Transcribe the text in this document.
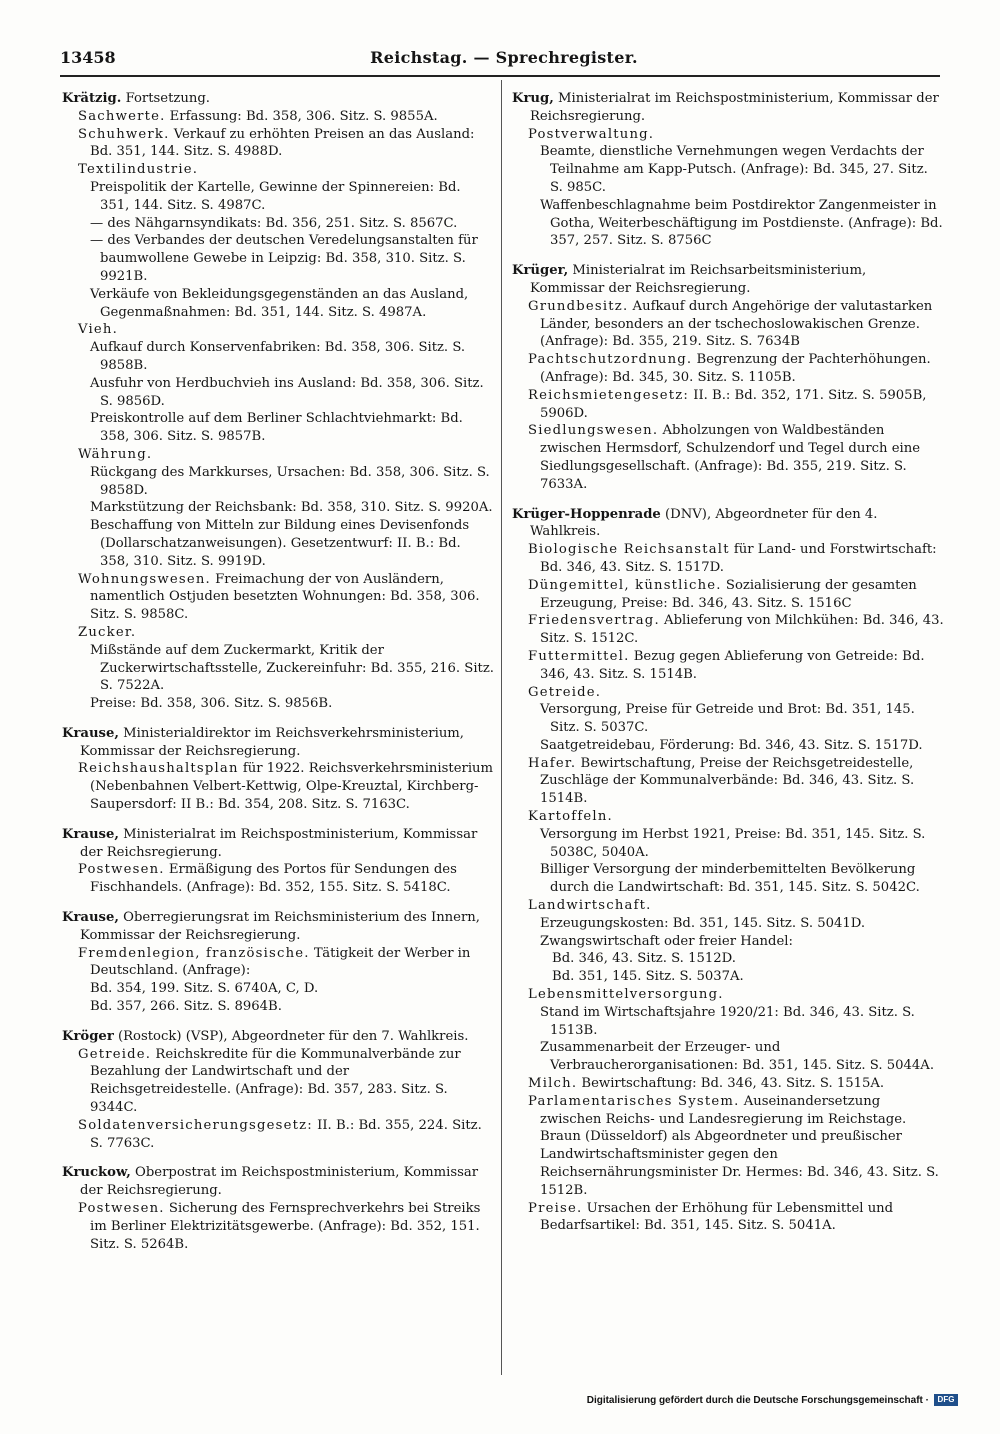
13458	Reichstag. — Sprechregister.
Krätzig. Fortsetzung.
Sachwerte. Erfassung: Bd. 358, 306. Sitz. S. 9855A.
Schuhwerk. Verkauf zu erhöhten Preisen an das Ausland: Bd. 351, 144. Sitz. S. 4988D.
Textilindustrie.
Preispolitik der Kartelle, Gewinne der Spinnereien: Bd. 351, 144. Sitz. S. 4987C.
— des Nähgarnsyndikats: Bd. 356, 251. Sitz. S. 8567C.
— des Verbandes der deutschen Veredelungsanstalten für baumwollene Gewebe in Leipzig: Bd. 358, 310. Sitz. S. 9921B.
Verkäufe von Bekleidungsgegenständen an das Ausland, Gegenmaßnahmen: Bd. 351, 144. Sitz. S. 4987A.
Vieh.
Aufkauf durch Konservenfabriken: Bd. 358, 306. Sitz. S. 9858B.
Ausfuhr von Herdbuchvieh ins Ausland: Bd. 358, 306. Sitz. S. 9856D.
Preiskontrolle auf dem Berliner Schlachtviehmarkt: Bd. 358, 306. Sitz. S. 9857B.
Währung.
Rückgang des Markkurses, Ursachen: Bd. 358, 306. Sitz. S. 9858D.
Markstützung der Reichsbank: Bd. 358, 310. Sitz. S. 9920A.
Beschaffung von Mitteln zur Bildung eines Devisenfonds (Dollarschatzanweisungen). Gesetzentwurf: II. B.: Bd. 358, 310. Sitz. S. 9919D.
Wohnungswesen. Freimachung der von Ausländern, namentlich Ostjuden besetzten Wohnungen: Bd. 358, 306. Sitz. S. 9858C.
Zucker.
Mißstände auf dem Zuckermarkt, Kritik der Zuckerwirtschaftsstelle, Zuckereinfuhr: Bd. 355, 216. Sitz. S. 7522A.
Preise: Bd. 358, 306. Sitz. S. 9856B.
Krause, Ministerialdirektor im Reichsverkehrsministerium, Kommissar der Reichsregierung.
Reichshaushaltsplan für 1922. Reichsverkehrsministerium (Nebenbahnen Velbert-Kettwig, Olpe-Kreuztal, Kirchberg-Saupersdorf: II B.: Bd. 354, 208. Sitz. S. 7163C.
Krause, Ministerialrat im Reichspostministerium, Kommissar der Reichsregierung.
Postwesen. Ermäßigung des Portos für Sendungen des Fischhandels. (Anfrage): Bd. 352, 155. Sitz. S. 5418C.
Krause, Oberregierungsrat im Reichsministerium des Innern, Kommissar der Reichsregierung.
Fremdenlegion, französische. Tätigkeit der Werber in Deutschland. (Anfrage):
Bd. 354, 199. Sitz. S. 6740A, C, D.
Bd. 357, 266. Sitz. S. 8964B.
Kröger (Rostock) (VSP), Abgeordneter für den 7. Wahlkreis.
Getreide. Reichskredite für die Kommunalverbände zur Bezahlung der Landwirtschaft und der Reichsgetreidestelle. (Anfrage): Bd. 357, 283. Sitz. S. 9344C.
Soldatenversicherungsgesetz: II. B.: Bd. 355, 224. Sitz. S. 7763C.
Kruckow, Oberpostrat im Reichspostministerium, Kommissar der Reichsregierung.
Postwesen. Sicherung des Fernsprechverkehrs bei Streiks im Berliner Elektrizitätsgewerbe. (Anfrage): Bd. 352, 151. Sitz. S. 5264B.
Krug, Ministerialrat im Reichspostministerium, Kommissar der Reichsregierung.
Postverwaltung.
Beamte, dienstliche Vernehmungen wegen Verdachts der Teilnahme am Kapp-Putsch. (Anfrage): Bd. 345, 27. Sitz. S. 985C.
Waffenbeschlagnahme beim Postdirektor Zangenmeister in Gotha, Weiterbeschäftigung im Postdienste. (Anfrage): Bd. 357, 257. Sitz. S. 8756C
Krüger, Ministerialrat im Reichsarbeitsministerium, Kommissar der Reichsregierung.
Grundbesitz. Aufkauf durch Angehörige der valutastarken Länder, besonders an der tschechoslowakischen Grenze. (Anfrage): Bd. 355, 219. Sitz. S. 7634B
Pachtschutzordnung. Begrenzung der Pachterhöhungen. (Anfrage): Bd. 345, 30. Sitz. S. 1105B.
Reichsmietengesetz: II. B.: Bd. 352, 171. Sitz. S. 5905B, 5906D.
Siedlungswesen. Abholzungen von Waldbeständen zwischen Hermsdorf, Schulzendorf und Tegel durch eine Siedlungsgesellschaft. (Anfrage): Bd. 355, 219. Sitz. S. 7633A.
Krüger-Hoppenrade (DNV), Abgeordneter für den 4. Wahlkreis.
Biologische Reichsanstalt für Land- und Forstwirtschaft: Bd. 346, 43. Sitz. S. 1517D.
Düngemittel, künstliche. Sozialisierung der gesamten Erzeugung, Preise: Bd. 346, 43. Sitz. S. 1516C
Friedensvertrag. Ablieferung von Milchkühen: Bd. 346, 43. Sitz. S. 1512C.
Futtermittel. Bezug gegen Ablieferung von Getreide: Bd. 346, 43. Sitz. S. 1514B.
Getreide.
Versorgung, Preise für Getreide und Brot: Bd. 351, 145. Sitz. S. 5037C.
Saatgetreidebau, Förderung: Bd. 346, 43. Sitz. S. 1517D.
Hafer. Bewirtschaftung, Preise der Reichsgetreidestelle, Zuschläge der Kommunalverbände: Bd. 346, 43. Sitz. S. 1514B.
Kartoffeln.
Versorgung im Herbst 1921, Preise: Bd. 351, 145. Sitz. S. 5038C, 5040A.
Billiger Versorgung der minderbemittelten Bevölkerung durch die Landwirtschaft: Bd. 351, 145. Sitz. S. 5042C.
Landwirtschaft.
Erzeugungskosten: Bd. 351, 145. Sitz. S. 5041D.
Zwangswirtschaft oder freier Handel:
Bd. 346, 43. Sitz. S. 1512D.
Bd. 351, 145. Sitz. S. 5037A.
Lebensmittelversorgung.
Stand im Wirtschaftsjahre 1920/21: Bd. 346, 43. Sitz. S. 1513B.
Zusammenarbeit der Erzeuger- und Verbraucherorganisationen: Bd. 351, 145. Sitz. S. 5044A.
Milch. Bewirtschaftung: Bd. 346, 43. Sitz. S. 1515A.
Parlamentarisches System. Auseinandersetzung zwischen Reichs- und Landesregierung im Reichstage. Braun (Düsseldorf) als Abgeordneter und preußischer Landwirtschaftsminister gegen den Reichsernährungsminister Dr. Hermes: Bd. 346, 43. Sitz. S. 1512B.
Preise. Ursachen der Erhöhung für Lebensmittel und Bedarfsartikel: Bd. 351, 145. Sitz. S. 5041A.
Digitalisierung gefördert durch die Deutsche Forschungsgemeinschaft ·	DFG
